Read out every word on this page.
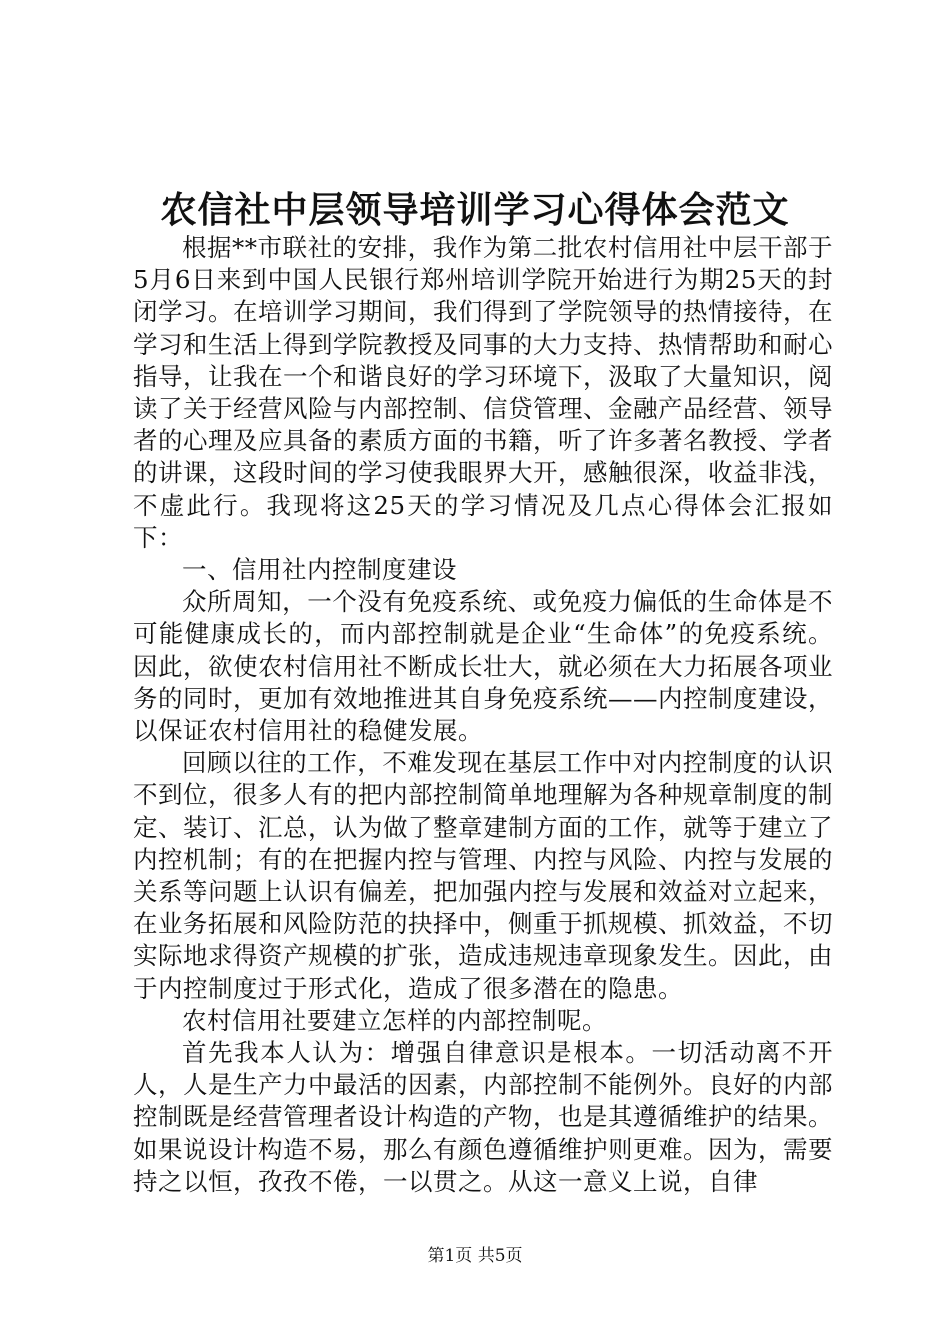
农信社中层领导培训学习心得体会范文

根据**市联社的安排，我作为第二批农村信用社中层干部于5月6日来到中国人民银行郑州培训学院开始进行为期25天的封闭学习。在培训学习期间，我们得到了学院领导的热情接待，在学习和生活上得到学院教授及同事的大力支持、热情帮助和耐心指导，让我在一个和谐良好的学习环境下，汲取了大量知识，阅读了关于经营风险与内部控制、信贷管理、金融产品经营、领导者的心理及应具备的素质方面的书籍，听了许多著名教授、学者的讲课，这段时间的学习使我眼界大开，感触很深，收益非浅，不虚此行。我现将这25天的学习情况及几点心得体会汇报如下：

一、信用社内控制度建设

众所周知，一个没有免疫系统、或免疫力偏低的生命体是不可能健康成长的，而内部控制就是企业“生命体”的免疫系统。因此，欲使农村信用社不断成长壮大，就必须在大力拓展各项业务的同时，更加有效地推进其自身免疫系统——内控制度建设，以保证农村信用社的稳健发展。

回顾以往的工作，不难发现在基层工作中对内控制度的认识不到位，很多人有的把内部控制简单地理解为各种规章制度的制定、装订、汇总，认为做了整章建制方面的工作，就等于建立了内控机制；有的在把握内控与管理、内控与风险、内控与发展的关系等问题上认识有偏差，把加强内控与发展和效益对立起来，在业务拓展和风险防范的抉择中，侧重于抓规模、抓效益，不切实际地求得资产规模的扩张，造成违规违章现象发生。因此，由于内控制度过于形式化，造成了很多潜在的隐患。

农村信用社要建立怎样的内部控制呢。

首先我本人认为：增强自律意识是根本。一切活动离不开人，人是生产力中最活的因素，内部控制不能例外。良好的内部控制既是经营管理者设计构造的产物，也是其遵循维护的结果。如果说设计构造不易，那么有颜色遵循维护则更难。因为，需要持之以恒，孜孜不倦，一以贯之。从这一意义上说，自律

第1页 共5页
